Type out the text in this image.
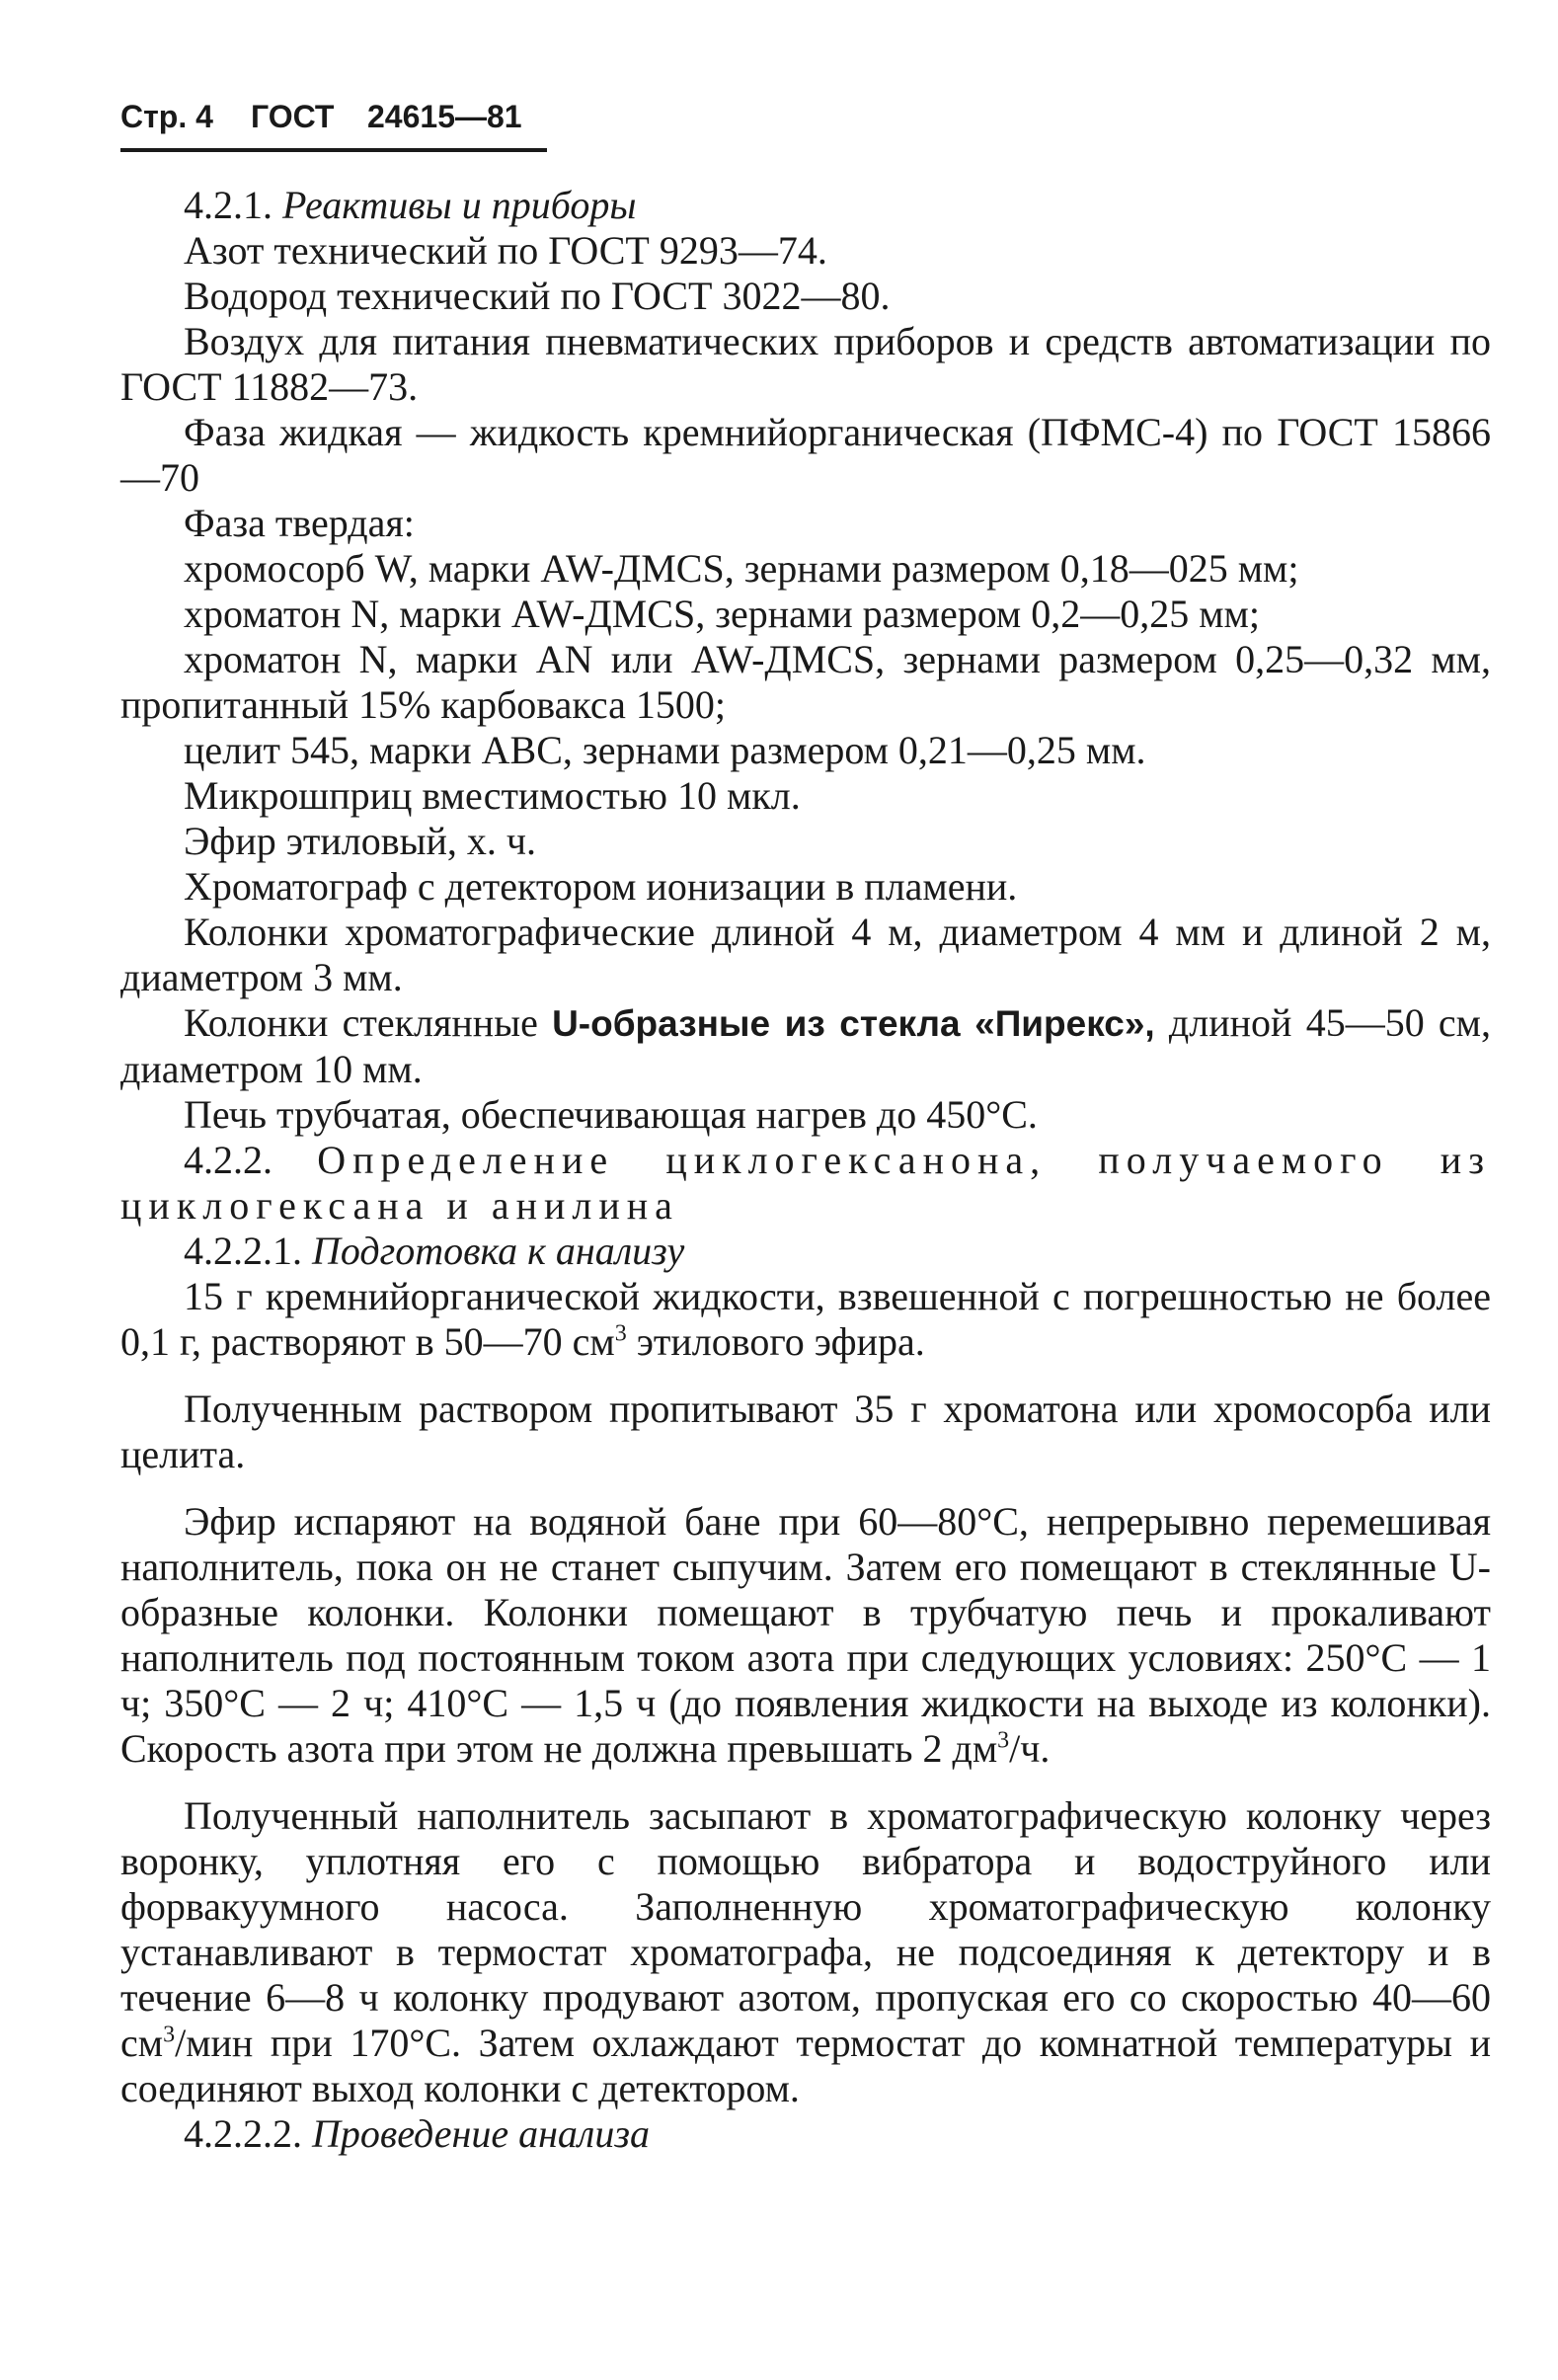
Стр. 4 ГОСТ 24615—81

4.2.1. Реактивы и приборы

Азот технический по ГОСТ 9293—74.

Водород технический по ГОСТ 3022—80.

Воздух для питания пневматических приборов и средств автоматизации по ГОСТ 11882—73.

Фаза жидкая — жидкость кремнийорганическая (ПФМС-4) по ГОСТ 15866—70

Фаза твердая:

хромосорб W, марки AW-ДМCS, зернами размером 0,18—025 мм;

хроматон N, марки AW-ДМCS, зернами размером 0,2—0,25 мм;

хроматон N, марки AN или AW-ДМCS, зернами размером 0,25—0,32 мм, пропитанный 15% карбовакса 1500;

целит 545, марки ABC, зернами размером 0,21—0,25 мм.

Микрошприц вместимостью 10 мкл.

Эфир этиловый, х. ч.

Хроматограф с детектором ионизации в пламени.

Колонки хроматографические длиной 4 м, диаметром 4 мм и длиной 2 м, диаметром 3 мм.

Колонки стеклянные U-образные из стекла «Пирекс», длиной 45—50 см, диаметром 10 мм.

Печь трубчатая, обеспечивающая нагрев до 450°С.

4.2.2. Определение циклогексанона, получаемого из циклогексана и анилина

4.2.2.1. Подготовка к анализу

15 г кремнийорганической жидкости, взвешенной с погрешностью не более 0,1 г, растворяют в 50—70 $см^3$ этилового эфира.

Полученным раствором пропитывают 35 г хроматона или хромосорба или целита.

Эфир испаряют на водяной бане при 60—80°С, непрерывно перемешивая наполнитель, пока он не станет сыпучим. Затем его помещают в стеклянные U-образные колонки. Колонки помещают в трубчатую печь и прокаливают наполнитель под постоянным током азота при следующих условиях: 250°С — 1 ч; 350°С — 2 ч; 410°С — 1,5 ч (до появления жидкости на выходе из колонки). Скорость азота при этом не должна превышать 2 $дм^3/ч$.

Полученный наполнитель засыпают в хроматографическую колонку через воронку, уплотняя его с помощью вибратора и водоструйного или форвакуумного насоса. Заполненную хроматографическую колонку устанавливают в термостат хроматографа, не подсоединяя к детектору и в течение 6—8 ч колонку продувают азотом, пропуская его со скоростью 40—60 $см^3$/мин при 170°С. Затем охлаждают термостат до комнатной температуры и соединяют выход колонки с детектором.

4.2.2.2. Проведение анализа
